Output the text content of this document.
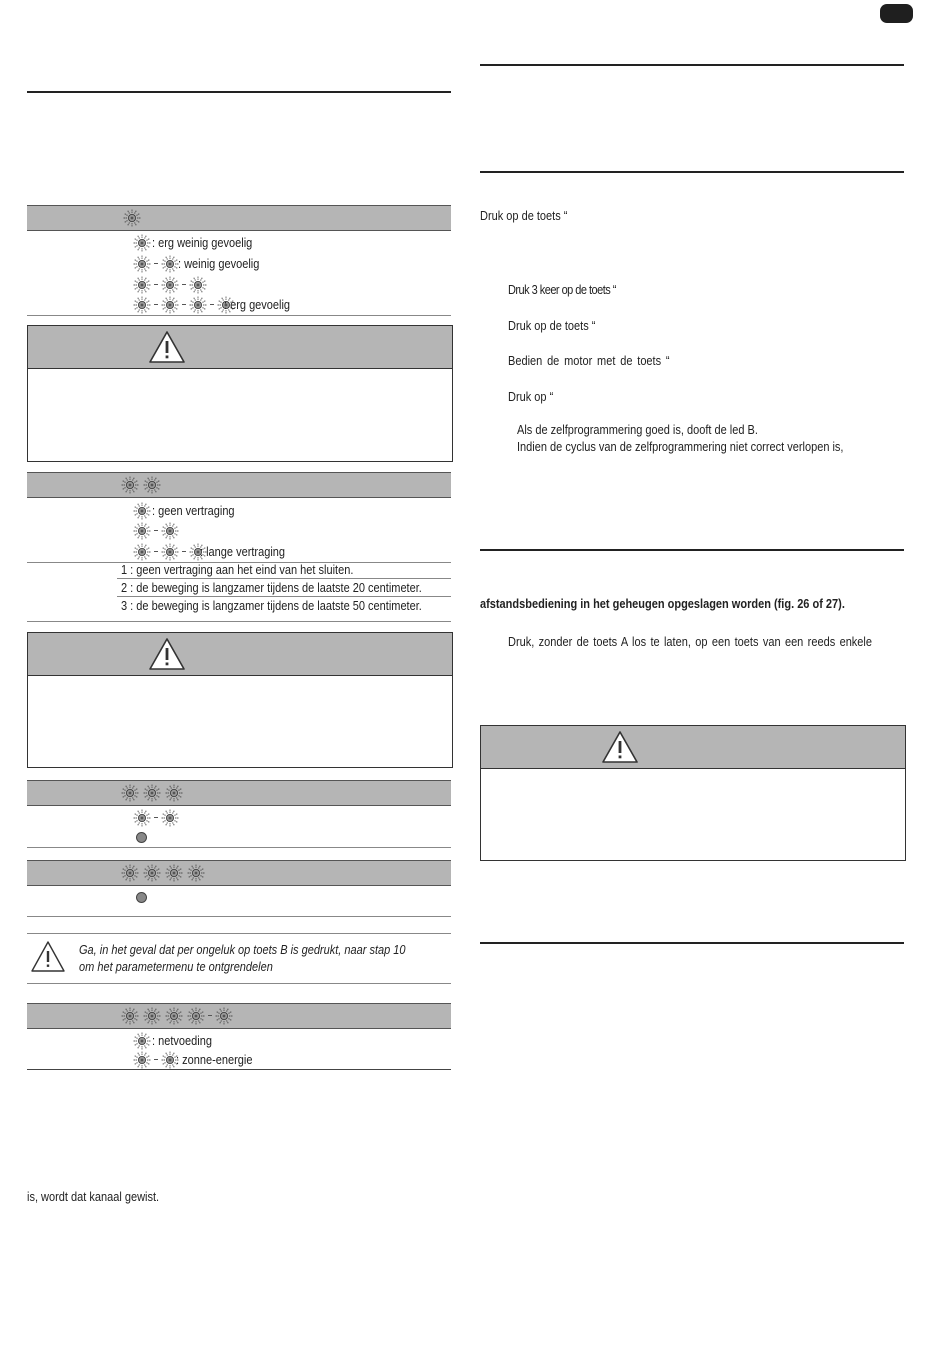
: erg weinig gevoelig
: weinig gevoelig
: erg gevoelig
: geen vertraging
: lange vertraging
1 : geen vertraging aan het eind van het sluiten.
2 : de beweging is langzamer tijdens de laatste 20 centimeter.
3 : de beweging is langzamer tijdens de laatste 50 centimeter.
Ga, in het geval dat per ongeluk op toets B is gedrukt, naar stap 10
om het parametermenu te ontgrendelen
: netvoeding
: zonne-energie
is, wordt dat kanaal gewist.
Druk op de toets “
Druk 3 keer op de toets “
Druk op de toets “
Bedien de motor met de toets “
Druk op “
Als de zelfprogrammering goed is, dooft de led B.
Indien de cyclus van de zelfprogrammering niet correct verlopen is,
afstandsbediening in het geheugen opgeslagen worden (fig. 26 of 27).
Druk, zonder de toets A los te laten, op een toets van een reeds enkele
